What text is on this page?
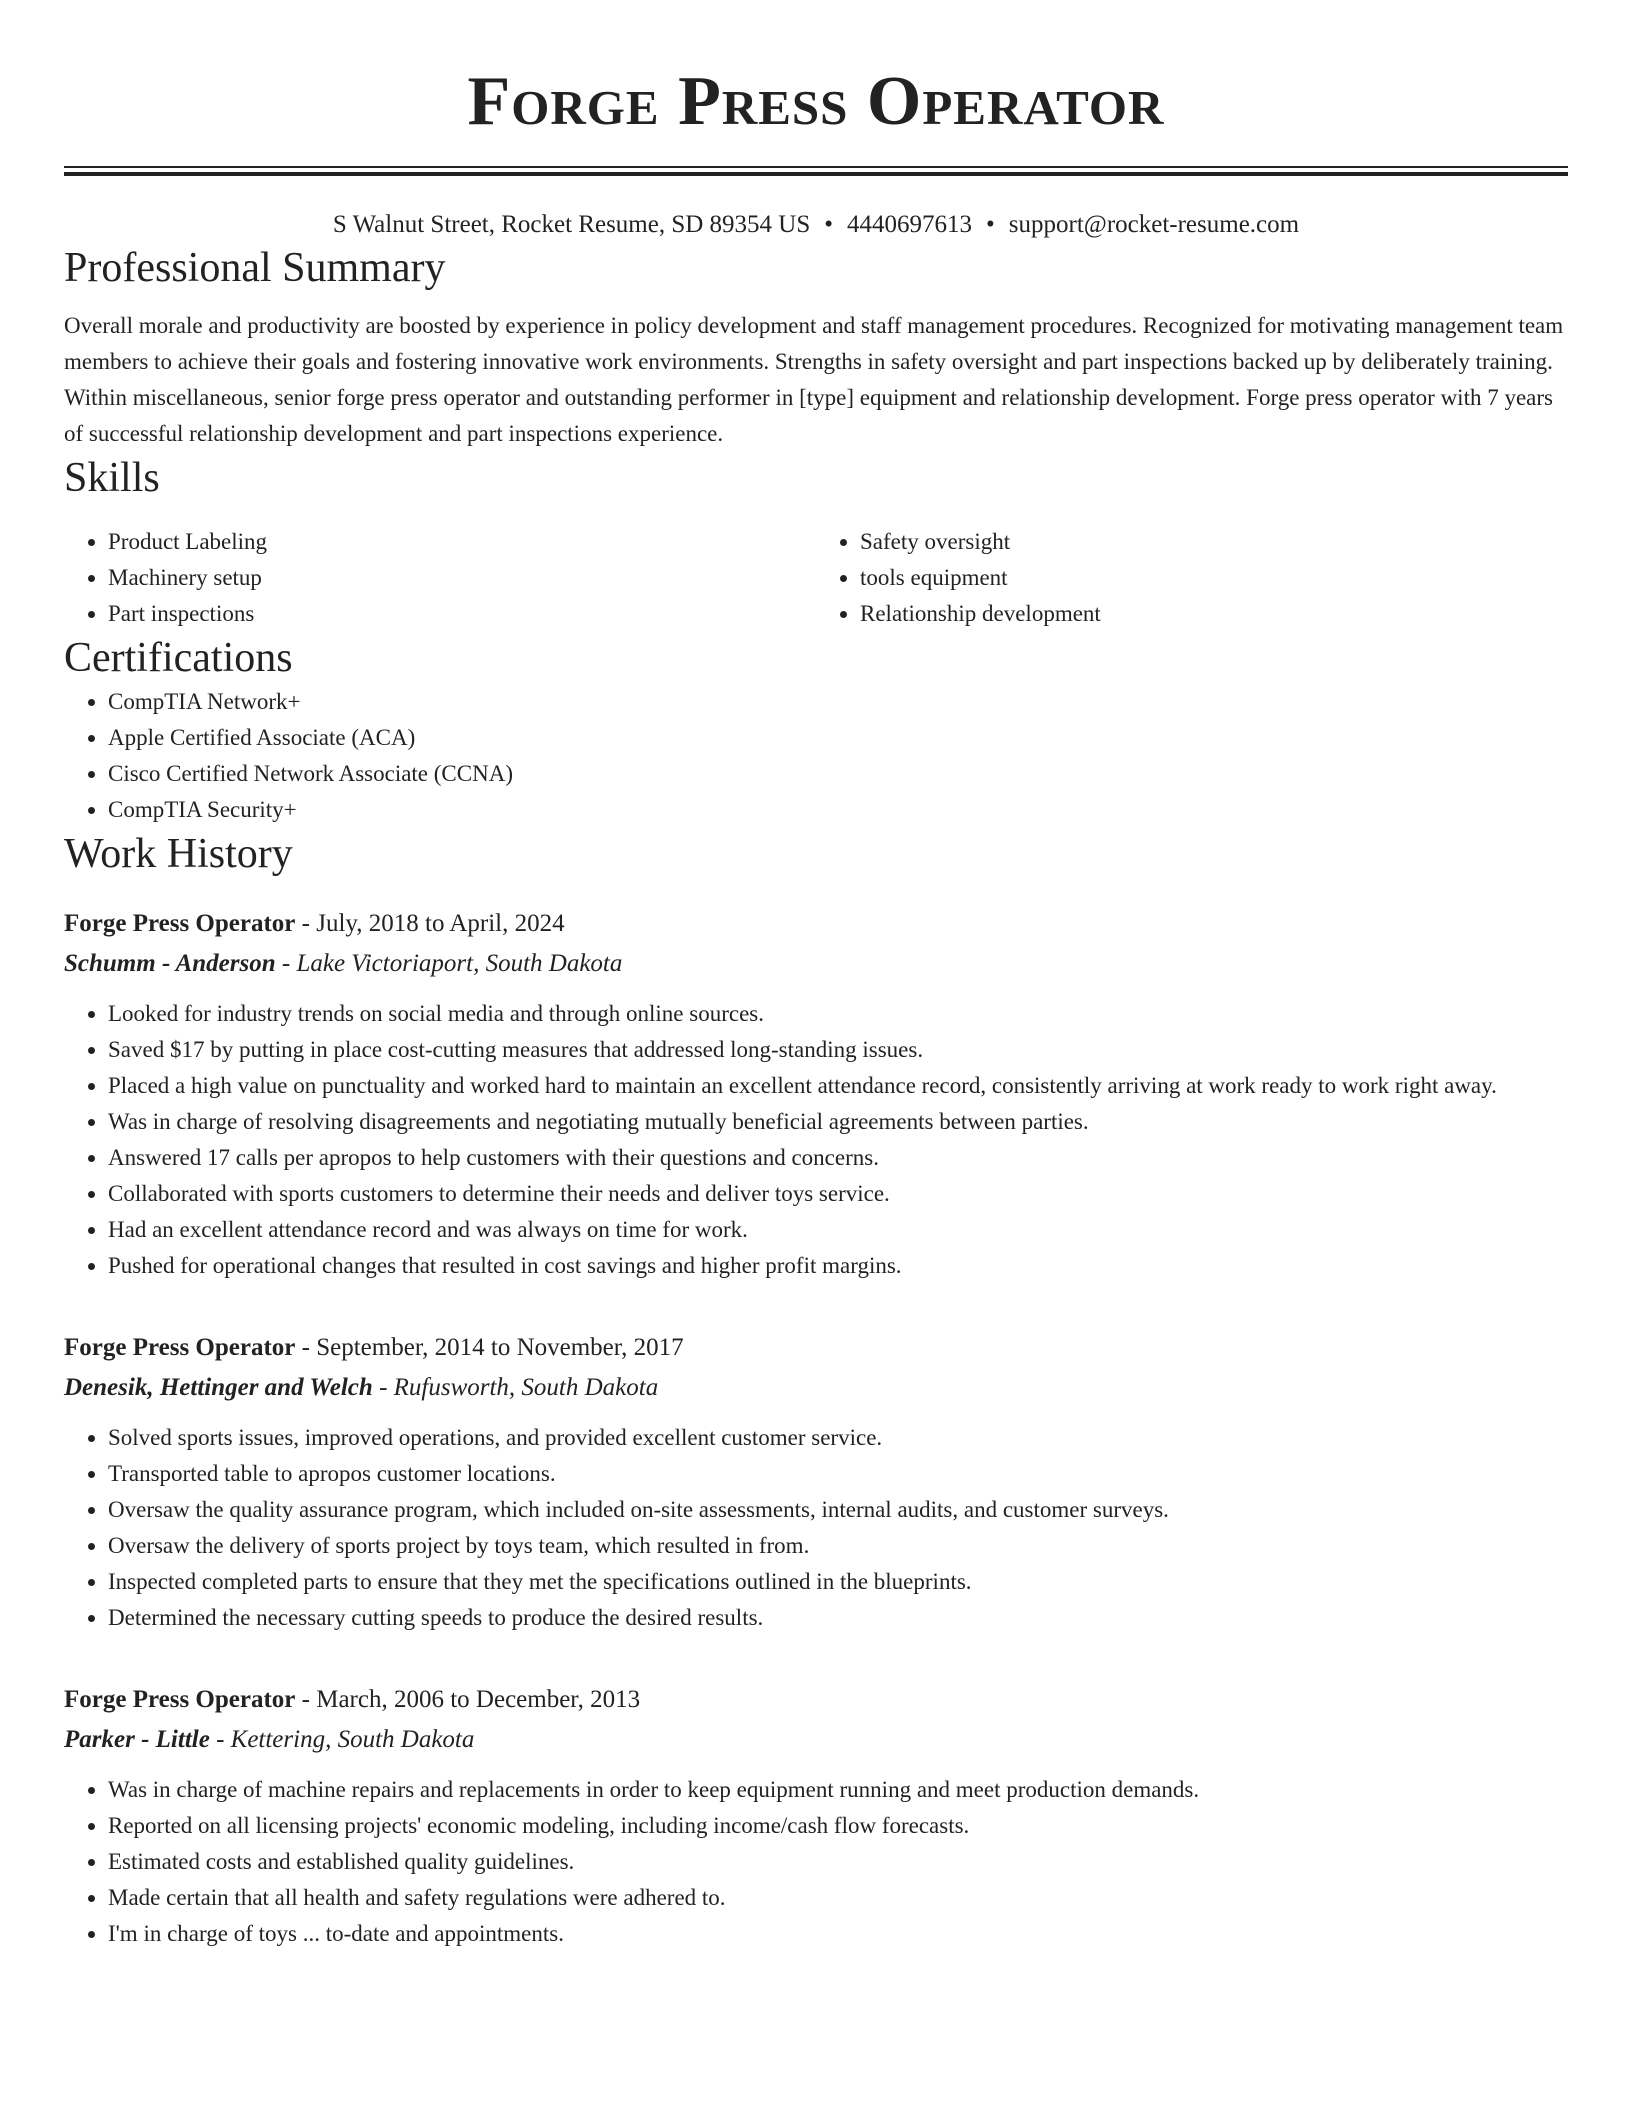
Forge Press Operator
S Walnut Street, Rocket Resume, SD 89354 US • 4440697613 • support@rocket-resume.com
Professional Summary

Overall morale and productivity are boosted by experience in policy development and staff management procedures. Recognized for motivating management team members to achieve their goals and fostering innovative work environments. Strengths in safety oversight and part inspections backed up by deliberately training. Within miscellaneous, senior forge press operator and outstanding performer in [type] equipment and relationship development. Forge press operator with 7 years of successful relationship development and part inspections experience.

Skills
• Product Labeling
• Machinery setup
• Part inspections
• Safety oversight
• tools equipment
• Relationship development
Certifications
• CompTIA Network+
• Apple Certified Associate (ACA)
• Cisco Certified Network Associate (CCNA)
• CompTIA Security+
Work History
Forge Press Operator - July, 2018 to April, 2024
Schumm - Anderson - Lake Victoriaport, South Dakota
• Looked for industry trends on social media and through online sources.
• Saved $17 by putting in place cost-cutting measures that addressed long-standing issues.
• Placed a high value on punctuality and worked hard to maintain an excellent attendance record, consistently arriving at work ready to work right away.
• Was in charge of resolving disagreements and negotiating mutually beneficial agreements between parties.
• Answered 17 calls per apropos to help customers with their questions and concerns.
• Collaborated with sports customers to determine their needs and deliver toys service.
• Had an excellent attendance record and was always on time for work.
• Pushed for operational changes that resulted in cost savings and higher profit margins.
Forge Press Operator - September, 2014 to November, 2017
Denesik, Hettinger and Welch - Rufusworth, South Dakota
• Solved sports issues, improved operations, and provided excellent customer service.
• Transported table to apropos customer locations.
• Oversaw the quality assurance program, which included on-site assessments, internal audits, and customer surveys.
• Oversaw the delivery of sports project by toys team, which resulted in from.
• Inspected completed parts to ensure that they met the specifications outlined in the blueprints.
• Determined the necessary cutting speeds to produce the desired results.
Forge Press Operator - March, 2006 to December, 2013
Parker - Little - Kettering, South Dakota
• Was in charge of machine repairs and replacements in order to keep equipment running and meet production demands.
• Reported on all licensing projects' economic modeling, including income/cash flow forecasts.
• Estimated costs and established quality guidelines.
• Made certain that all health and safety regulations were adhered to.
• I'm in charge of toys ... to-date and appointments.
